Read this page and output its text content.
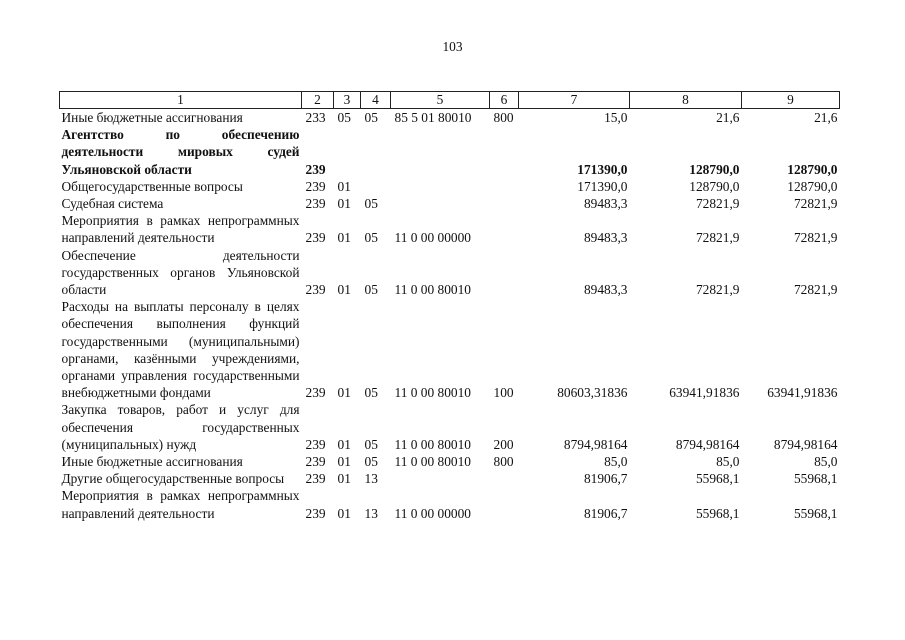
103
1	2	3	4	5	6	7	8	9
Иные бюджетные ассигнования	233	05	05	85 5 01 80010	800	15,0	21,6	21,6
Агентство по обеспечению деятельности мировых судей Ульяновской области	239					171390,0	128790,0	128790,0
Общегосударственные вопросы	239	01				171390,0	128790,0	128790,0
Судебная система	239	01	05			89483,3	72821,9	72821,9
Мероприятия в рамках непрограммных направлений деятельности	239	01	05	11 0 00 00000		89483,3	72821,9	72821,9
Обеспечение деятельности государственных органов Ульяновской области	239	01	05	11 0 00 80010		89483,3	72821,9	72821,9
Расходы на выплаты персоналу в целях обеспечения выполнения функций государственными (муниципальными) органами, казёнными учреждениями, органами управления государственными внебюджетными фондами	239	01	05	11 0 00 80010	100	80603,31836	63941,91836	63941,91836
Закупка товаров, работ и услуг для обеспечения государственных (муниципальных) нужд	239	01	05	11 0 00 80010	200	8794,98164	8794,98164	8794,98164
Иные бюджетные ассигнования	239	01	05	11 0 00 80010	800	85,0	85,0	85,0
Другие общегосударственные вопросы	239	01	13			81906,7	55968,1	55968,1
Мероприятия в рамках непрограммных направлений деятельности	239	01	13	11 0 00 00000		81906,7	55968,1	55968,1
